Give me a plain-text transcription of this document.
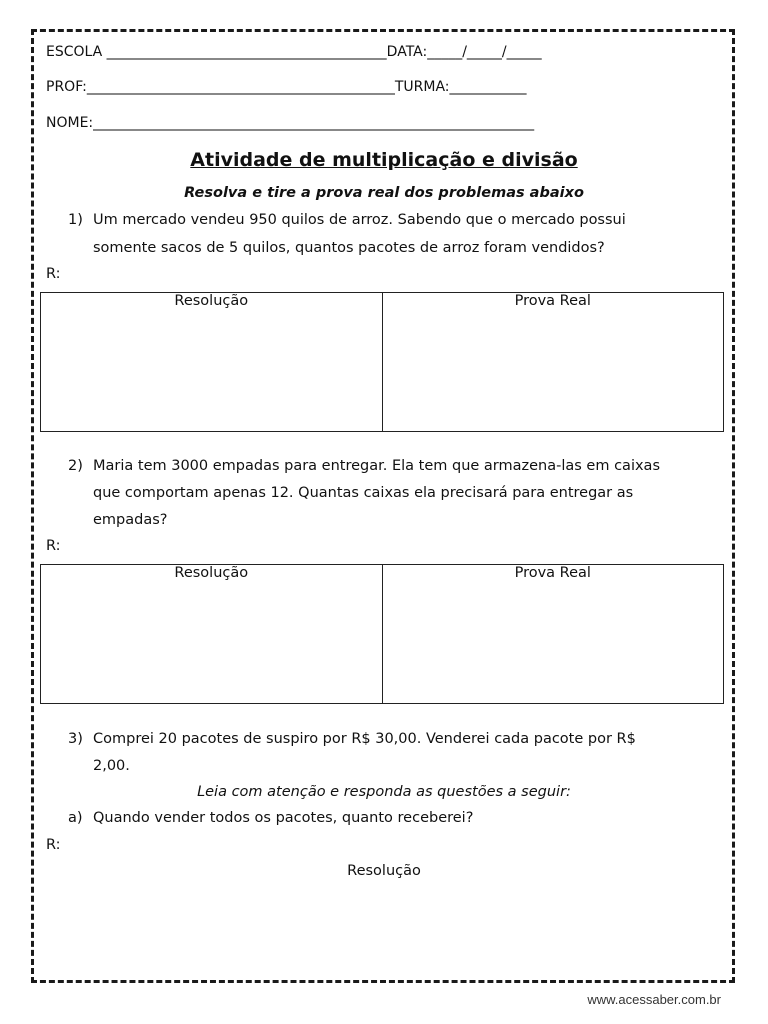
ESCOLA ________________________________________DATA:_____/_____/_____
PROF:____________________________________________TURMA:___________
NOME:_______________________________________________________________
Atividade de multiplicação e divisão
Resolva e tire a prova real dos problemas abaixo
1) Um mercado vendeu 950 quilos de arroz. Sabendo que o mercado possui
somente sacos de 5 quilos, quantos pacotes de arroz foram vendidos?
R:
Resolução	Prova Real
2) Maria tem 3000 empadas para entregar. Ela tem que armazena-las em caixas
que comportam apenas 12. Quantas caixas ela precisará para entregar as
empadas?
R:
Resolução	Prova Real
3) Comprei 20 pacotes de suspiro por R$ 30,00. Venderei cada pacote por R$
2,00.
Leia com atenção e responda as questões a seguir:
a) Quando vender todos os pacotes, quanto receberei?
R:
Resolução
www.acessaber.com.br
